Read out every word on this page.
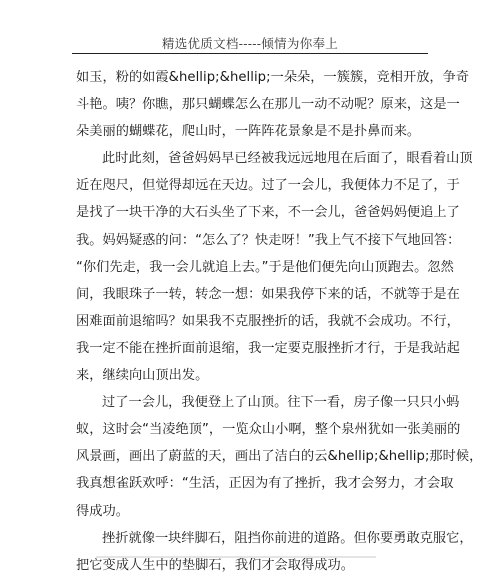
精选优质文档-----倾情为你奉上
如玉，粉的如霞&hellip;&hellip;一朵朵，一簇簇，竞相开放，争奇
斗艳。咦？你瞧，那只蝴蝶怎么在那儿一动不动呢？原来，这是一
朵美丽的蝴蝶花，爬山时，一阵阵花景象是不是扑鼻而来。
此时此刻，爸爸妈妈早已经被我远远地甩在后面了，眼看着山顶
近在咫尺，但觉得却远在天边。过了一会儿，我便体力不足了，于
是找了一块干净的大石头坐了下来，不一会儿，爸爸妈妈便追上了
我。妈妈疑惑的问：“怎么了？快走呀！”我上气不接下气地回答：
“你们先走，我一会儿就追上去。”于是他们便先向山顶跑去。忽然
间，我眼珠子一转，转念一想：如果我停下来的话，不就等于是在
困难面前退缩吗？如果我不克服挫折的话，我就不会成功。不行，
我一定不能在挫折面前退缩，我一定要克服挫折才行，于是我站起
来，继续向山顶出发。
过了一会儿，我便登上了山顶。往下一看，房子像一只只小蚂
蚁，这时会“当凌绝顶”，一览众山小啊，整个泉州犹如一张美丽的
风景画，画出了蔚蓝的天，画出了洁白的云&hellip;&hellip;那时候，
我真想雀跃欢呼：“生活，正因为有了挫折，我才会努力，才会取
得成功。
挫折就像一块绊脚石，阻挡你前进的道路。但你要勇敢克服它，
把它变成人生中的垫脚石，我们才会取得成功。
